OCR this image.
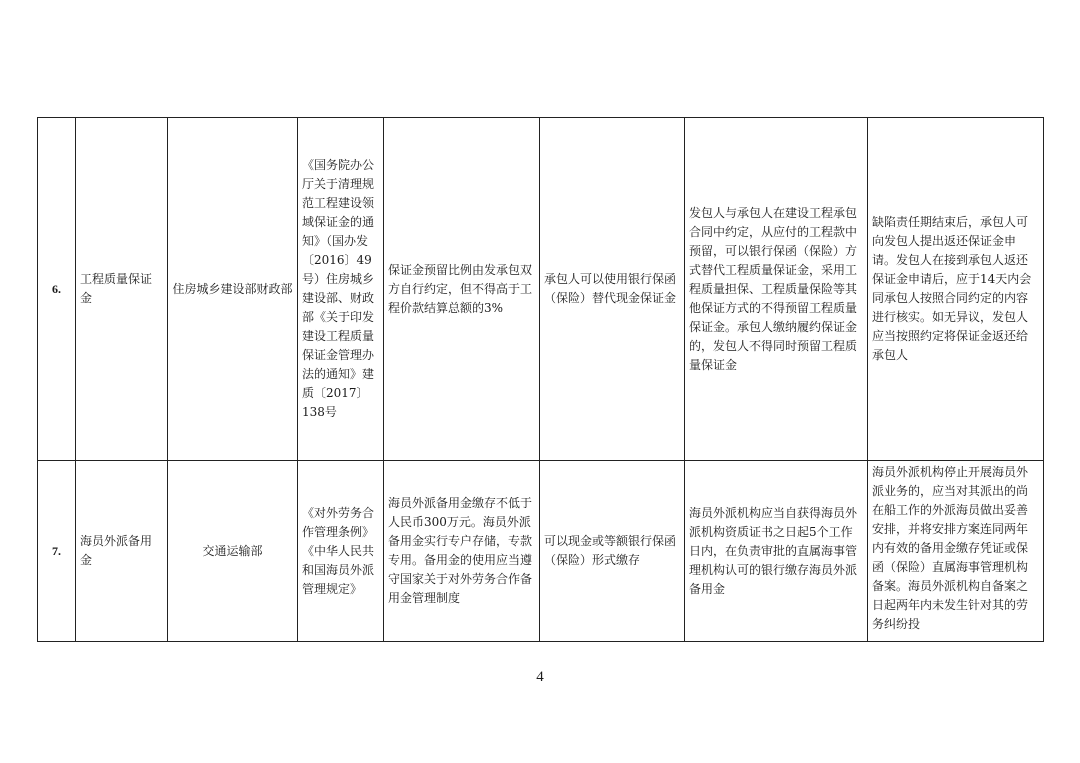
6.	工程质量保证金	住房城乡建设部财政部	《国务院办公厅关于清理规范工程建设领域保证金的通知》（国办发〔2016〕49号）住房城乡建设部、财政部《关于印发建设工程质量保证金管理办法的通知》建质〔2017〕138号	保证金预留比例由发承包双方自行约定，但不得高于工程价款结算总额的3%	承包人可以使用银行保函（保险）替代现金保证金	发包人与承包人在建设工程承包合同中约定，从应付的工程款中预留，可以银行保函（保险）方式替代工程质量保证金，采用工程质量担保、工程质量保险等其他保证方式的不得预留工程质量保证金。承包人缴纳履约保证金的，发包人不得同时预留工程质量保证金	缺陷责任期结束后，承包人可向发包人提出返还保证金申请。发包人在接到承包人返还保证金申请后，应于14天内会同承包人按照合同约定的内容进行核实。如无异议，发包人应当按照约定将保证金返还给承包人
7.	海员外派备用金	交通运输部	《对外劳务合作管理条例》《中华人民共和国海员外派管理规定》	海员外派备用金缴存不低于人民币300万元。海员外派备用金实行专户存储，专款专用。备用金的使用应当遵守国家关于对外劳务合作备用金管理制度	可以现金或等额银行保函（保险）形式缴存	海员外派机构应当自获得海员外派机构资质证书之日起5个工作日内，在负责审批的直属海事管理机构认可的银行缴存海员外派备用金	海员外派机构停止开展海员外派业务的，应当对其派出的尚在船工作的外派海员做出妥善安排，并将安排方案连同两年内有效的备用金缴存凭证或保函（保险）直属海事管理机构备案。海员外派机构自备案之日起两年内未发生针对其的劳务纠纷投
4
